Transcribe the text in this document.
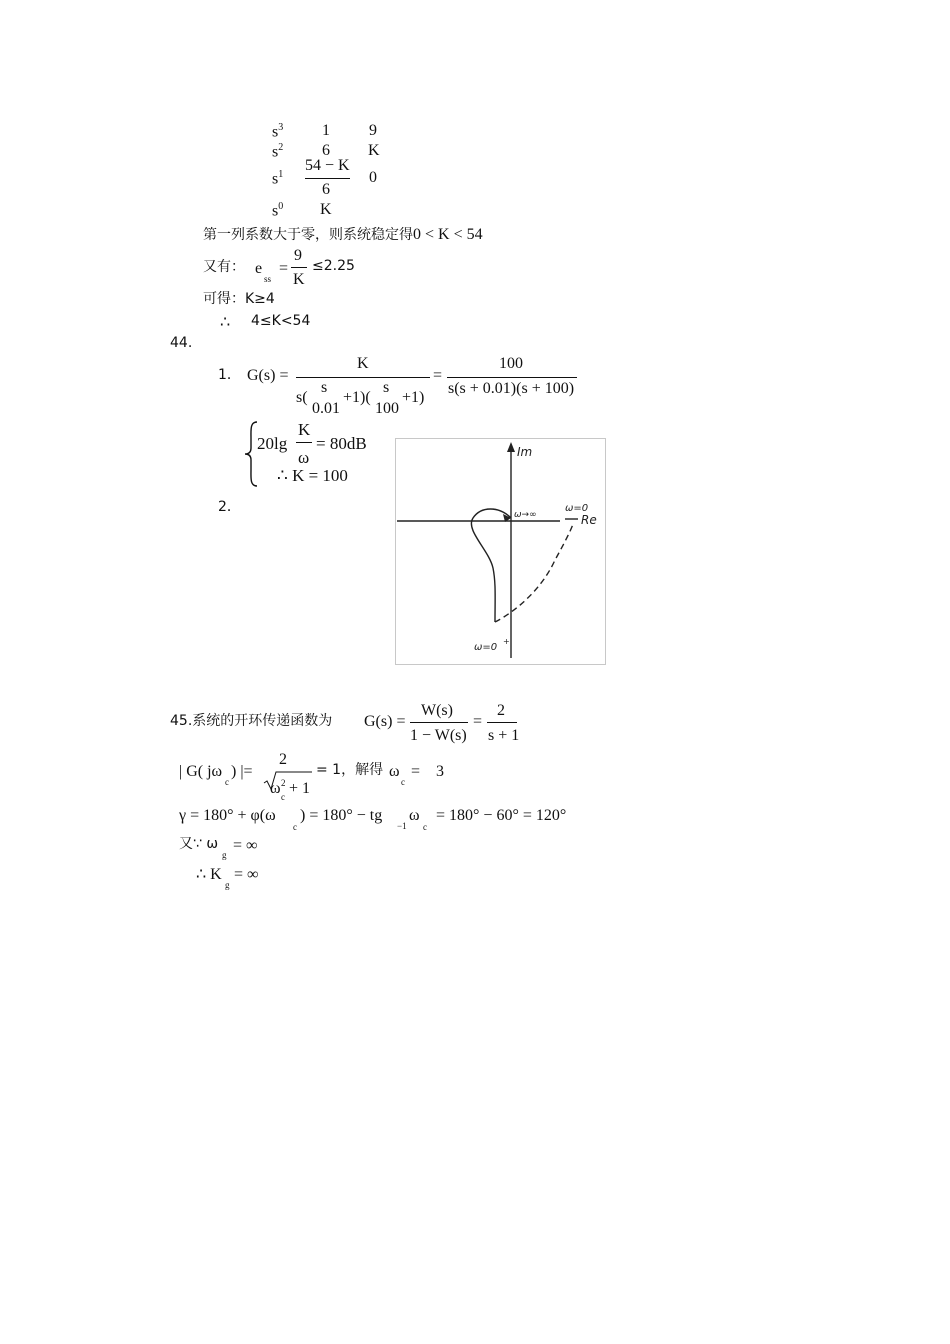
$s^3$ 1 9
$s^2$ 6 K
$s^1$
54 − K
6
0
$s^0$ K
第一列系数大于零，则系统稳定得0 < K < 54
又有： e
ss
=
9
K
≤2.25
可得：K≥4
∴ 4≤K<54
44.
1． G(s) =
K
s(
s
0.01
+1)(
s
100
+1)
=
100
s(s + 0.01)(s + 100)
20lg
K
ω
= 80dB
∴ K = 100
2．
Im
ω→∞
ω=0
Re
ω=0
+
45.系统的开环传递函数为 G(s) =
W(s)
1 − W(s)
=
2
s + 1
| G( jω
c
) |=
2
ω 2
c + 1
= 1，解得 ω
c
= 3
γ = 180° + φ(ω
c
) = 180° − tg
−1
ω
c
= 180° − 60° = 120°
又∵ ω
g
= ∞
∴ K
g
= ∞
